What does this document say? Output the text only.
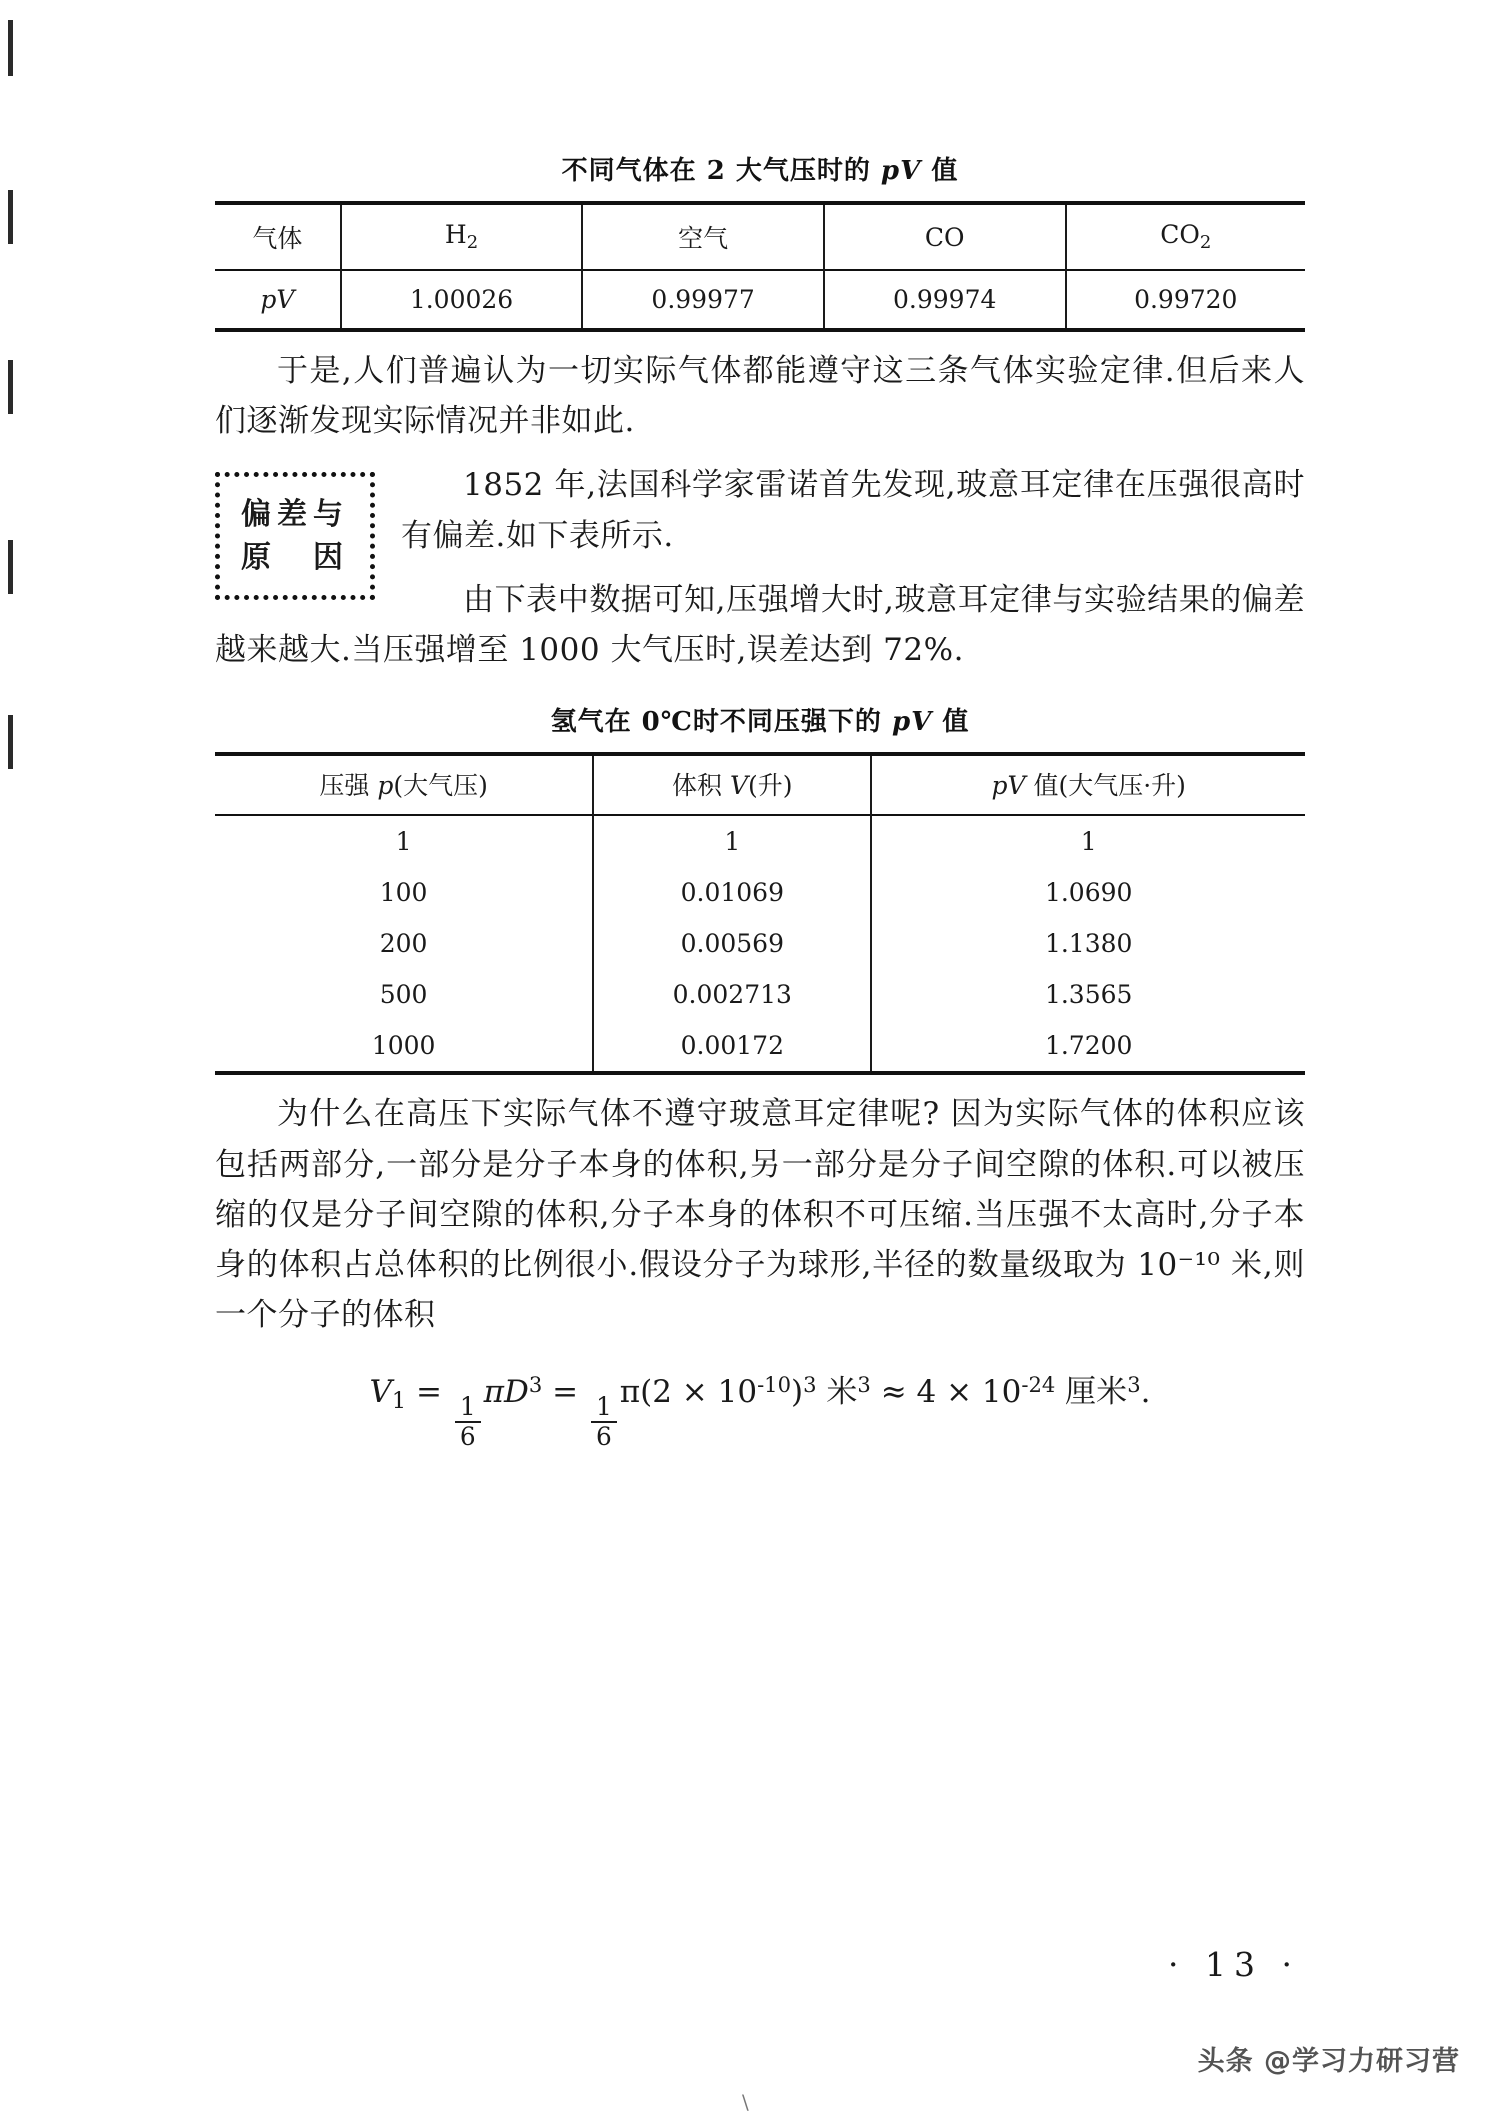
不同气体在 2 大气压时的 pV 值
气体	$H_2$	空气	CO	$CO_2$
pV	1.00026	0.99977	0.99974	0.99720

于是,人们普遍认为一切实际气体都能遵守这三条气体实验定律.但后来人们逐渐发现实际情况并非如此.

偏差与
原　因

1852 年,法国科学家雷诺首先发现,玻意耳定律在压强很高时有偏差.如下表所示.

由下表中数据可知,压强增大时,玻意耳定律与实验结果的偏差越来越大.当压强增至 1000 大气压时,误差达到 72%.

氢气在 0℃时不同压强下的 pV 值
压强 p(大气压)	体积 V(升)	pV 值(大气压·升)
1	1	1
100	0.01069	1.0690
200	0.00569	1.1380
500	0.002713	1.3565
1000	0.00172	1.7200

为什么在高压下实际气体不遵守玻意耳定律呢? 因为实际气体的体积应该包括两部分,一部分是分子本身的体积,另一部分是分子间空隙的体积.可以被压缩的仅是分子间空隙的体积,分子本身的体积不可压缩.当压强不太高时,分子本身的体积占总体积的比例很小.假设分子为球形,半径的数量级取为 10⁻¹⁰ 米,则一个分子的体积

$V_1$ =
$\frac{1}{6}$
$\pi D^3$ =
$\frac{1}{6}$
$\pi(2 \times 10^{-10})^3$ 米$^3 \approx 4 \times 10^{-24}$ 厘米$^3$.
· 13 ·
头条 @学习力研习营
\
